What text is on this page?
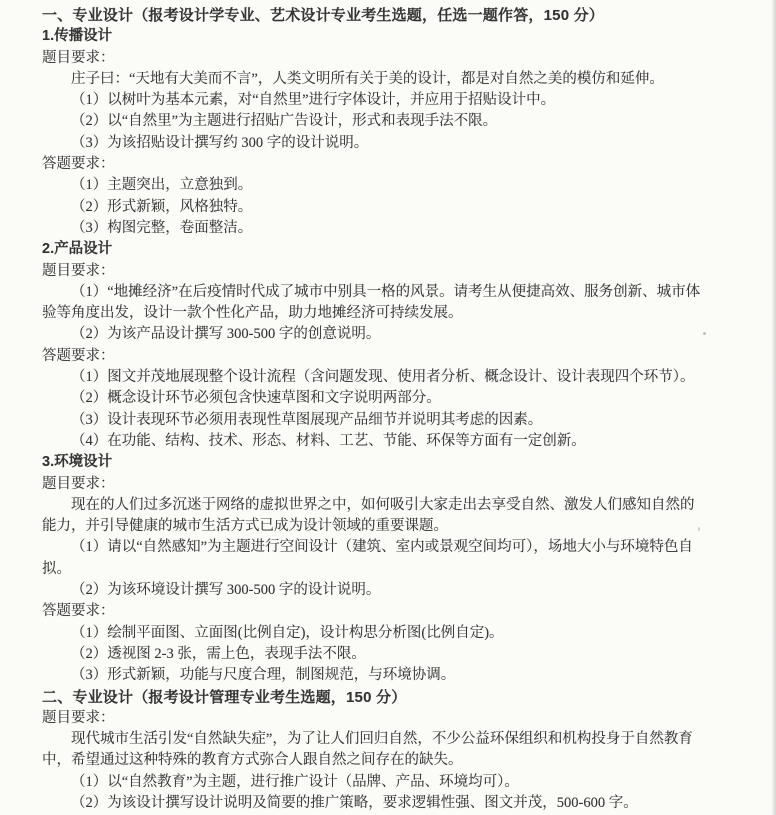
一、专业设计（报考设计学专业、艺术设计专业考生选题，任选一题作答，150 分）

1.传播设计

题目要求：

庄子曰：“天地有大美而不言”，人类文明所有关于美的设计，都是对自然之美的模仿和延伸。

（1）以树叶为基本元素，对“自然里”进行字体设计，并应用于招贴设计中。

（2）以“自然里”为主题进行招贴广告设计，形式和表现手法不限。

（3）为该招贴设计撰写约 300 字的设计说明。

答题要求：

（1）主题突出，立意独到。

（2）形式新颖，风格独特。

（3）构图完整，卷面整洁。

2.产品设计

题目要求：

（1）“地摊经济”在后疫情时代成了城市中别具一格的风景。请考生从便捷高效、服务创新、城市体验等角度出发，设计一款个性化产品，助力地摊经济可持续发展。

（2）为该产品设计撰写 300-500 字的创意说明。

答题要求：

（1）图文并茂地展现整个设计流程（含问题发现、使用者分析、概念设计、设计表现四个环节）。

（2）概念设计环节必须包含快速草图和文字说明两部分。

（3）设计表现环节必须用表现性草图展现产品细节并说明其考虑的因素。

（4）在功能、结构、技术、形态、材料、工艺、节能、环保等方面有一定创新。

3.环境设计

题目要求：

现在的人们过多沉迷于网络的虚拟世界之中，如何吸引大家走出去享受自然、激发人们感知自然的能力，并引导健康的城市生活方式已成为设计领域的重要课题。

（1）请以“自然感知”为主题进行空间设计（建筑、室内或景观空间均可），场地大小与环境特色自拟。

（2）为该环境设计撰写 300-500 字的设计说明。

答题要求：

（1）绘制平面图、立面图(比例自定)，设计构思分析图(比例自定)。

（2）透视图 2-3 张，需上色，表现手法不限。

（3）形式新颖，功能与尺度合理，制图规范，与环境协调。

二、专业设计（报考设计管理专业考生选题，150 分）

题目要求：

现代城市生活引发“自然缺失症”，为了让人们回归自然，不少公益环保组织和机构投身于自然教育中，希望通过这种特殊的教育方式弥合人跟自然之间存在的缺失。

（1）以“自然教育”为主题，进行推广设计（品牌、产品、环境均可）。

（2）为该设计撰写设计说明及简要的推广策略，要求逻辑性强、图文并茂，500-600 字。
